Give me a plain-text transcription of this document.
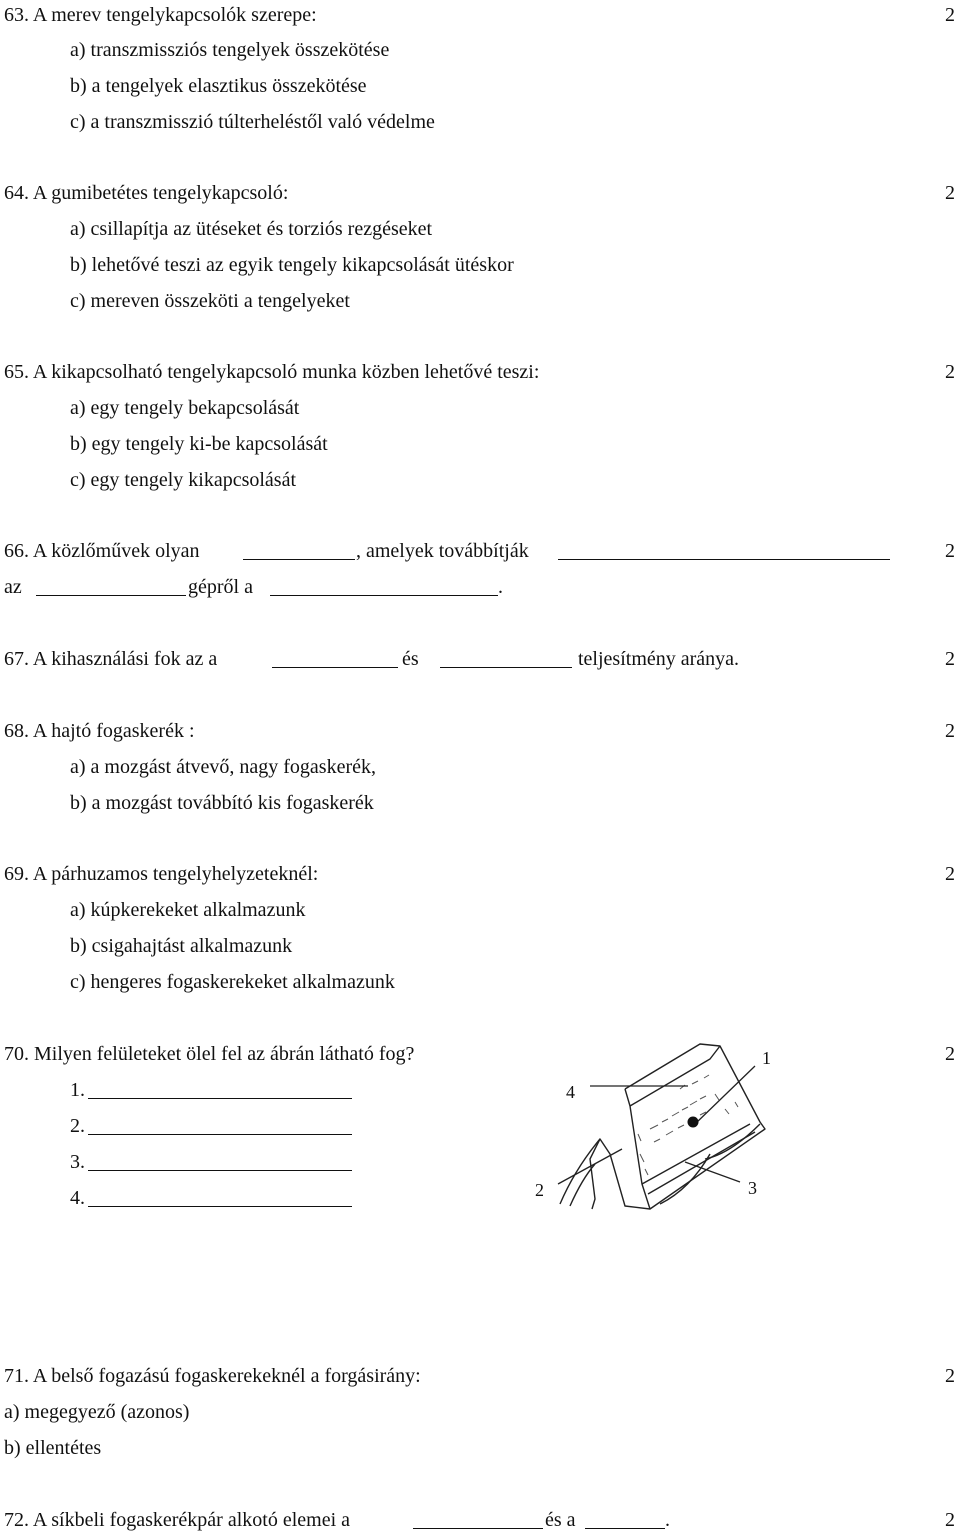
63. A merev tengelykapcsolók szerepe:	2
a) transzmissziós tengelyek összekötése
b) a tengelyek elasztikus összekötése
c) a transzmisszió túlterheléstől való védelme
64. A gumibetétes tengelykapcsoló:	2
a) csillapítja az ütéseket és torziós rezgéseket
b) lehetővé teszi az egyik tengely kikapcsolását ütéskor
c) mereven összeköti a tengelyeket
65. A kikapcsolható tengelykapcsoló munka közben lehetővé teszi:	2
a) egy tengely bekapcsolását
b) egy tengely ki-be kapcsolását
c) egy tengely kikapcsolását
66. A közlőművek olyan	, amelyek továbbítják	2
az	gépről a	.
67. A kihasználási fok az a	és	teljesítmény aránya.	2
68. A hajtó fogaskerék :	2
a) a mozgást átvevő, nagy fogaskerék,
b) a mozgást továbbító kis fogaskerék
69. A párhuzamos tengelyhelyzeteknél:	2
a) kúpkerekeket alkalmazunk
b) csigahajtást alkalmazunk
c) hengeres fogaskerekeket alkalmazunk
70. Milyen felületeket ölel fel az ábrán látható fog?	2
1.
2.
3.
4.
1
4
2	3
71. A belső fogazású fogaskerekeknél a forgásirány:	2
a) megegyező (azonos)
b) ellentétes
72. A síkbeli fogaskerékpár alkotó elemei a	és a	.	2
